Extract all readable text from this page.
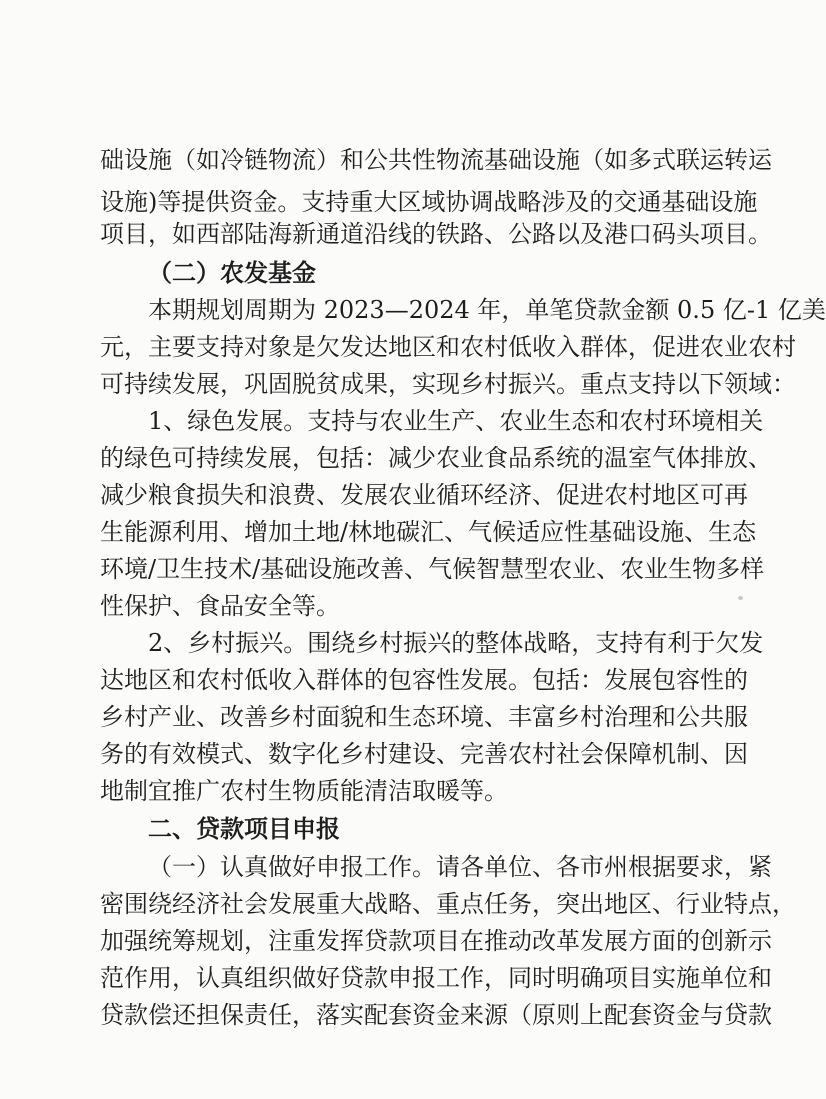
础设施（如冷链物流）和公共性物流基础设施（如多式联运转运
设施)等提供资金。支持重大区域协调战略涉及的交通基础设施
项目，如西部陆海新通道沿线的铁路、公路以及港口码头项目。
（二）农发基金
本期规划周期为 2023—2024 年，单笔贷款金额 0.5 亿-1 亿美
元，主要支持对象是欠发达地区和农村低收入群体，促进农业农村
可持续发展，巩固脱贫成果，实现乡村振兴。重点支持以下领域：
1、绿色发展。支持与农业生产、农业生态和农村环境相关
的绿色可持续发展，包括：减少农业食品系统的温室气体排放、
减少粮食损失和浪费、发展农业循环经济、促进农村地区可再
生能源利用、增加土地/林地碳汇、气候适应性基础设施、生态
环境/卫生技术/基础设施改善、气候智慧型农业、农业生物多样
性保护、食品安全等。
2、乡村振兴。围绕乡村振兴的整体战略，支持有利于欠发
达地区和农村低收入群体的包容性发展。包括：发展包容性的
乡村产业、改善乡村面貌和生态环境、丰富乡村治理和公共服
务的有效模式、数字化乡村建设、完善农村社会保障机制、因
地制宜推广农村生物质能清洁取暖等。
二、贷款项目申报
（一）认真做好申报工作。请各单位、各市州根据要求，紧
密围绕经济社会发展重大战略、重点任务，突出地区、行业特点，
加强统筹规划，注重发挥贷款项目在推动改革发展方面的创新示
范作用，认真组织做好贷款申报工作，同时明确项目实施单位和
贷款偿还担保责任，落实配套资金来源（原则上配套资金与贷款
